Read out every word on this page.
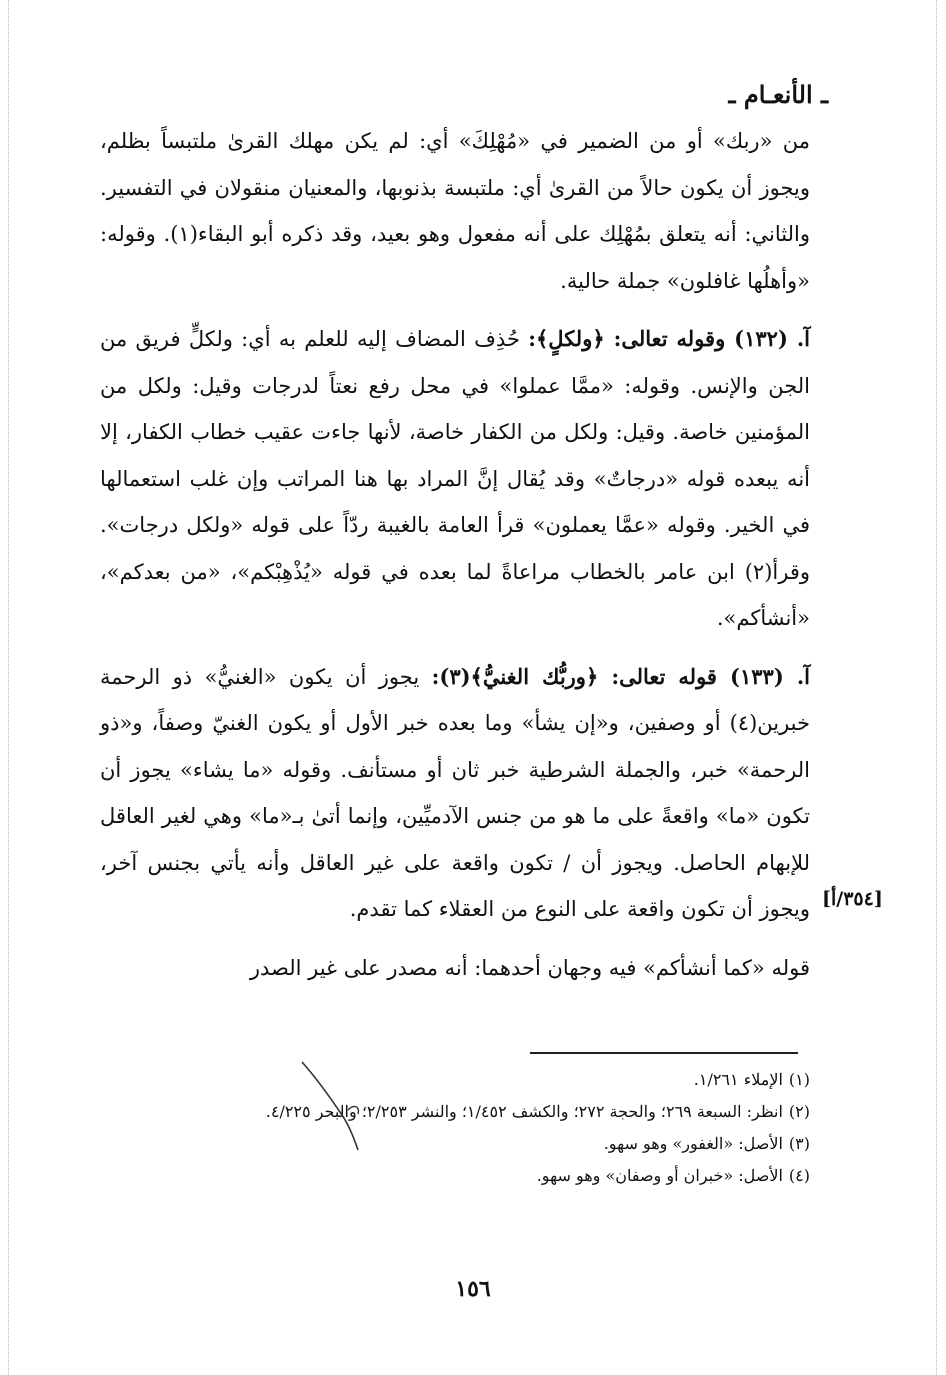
ـ الأنعـام ـ

من «ربك» أو من الضمير في «مُهْلِكَ» أي: لم يكن مهلك القرىٰ ملتبساً بظلم، ويجوز أن يكون حالاً من القرىٰ أي: ملتبسة بذنوبها، والمعنيان منقولان في التفسير. والثاني: أنه يتعلق بمُهْلِك على أنه مفعول وهو بعيد، وقد ذكره أبو البقاء(١). وقوله: «وأهلُها غافلون» جملة حالية.

آ. (١٣٢) وقوله تعالى: ﴿ولكلٍ﴾: حُذِف المضاف إليه للعلم به أي: ولكلٍّ فريق من الجن والإنس. وقوله: «ممَّا عملوا» في محل رفع نعتاً لدرجات وقيل: ولكل من المؤمنين خاصة. وقيل: ولكل من الكفار خاصة، لأنها جاءت عقيب خطاب الكفار، إلا أنه يبعده قوله «درجاتٌ» وقد يُقال إنَّ المراد بها هنا المراتب وإن غلب استعمالها في الخير. وقوله «عمَّا يعملون» قرأ العامة بالغيبة ردّاً على قوله «ولكل درجات». وقرأ(٢) ابن عامر بالخطاب مراعاةً لما بعده في قوله «يُذْهِبْكم»، «من بعدكم»، «أنشأكم».

آ. (١٣٣) قوله تعالى: ﴿وربُّك الغنيُّ﴾(٣): يجوز أن يكون «الغنيُّ» ذو الرحمة خبرين(٤) أو وصفين، و«إن يشأ» وما بعده خبر الأول أو يكون الغنيّ وصفاً، و«ذو الرحمة» خبر، والجملة الشرطية خبر ثان أو مستأنف. وقوله «ما يشاء» يجوز أن تكون «ما» واقعةً على ما هو من جنس الآدميِّين، وإنما أتىٰ بـ«ما» وهي لغير العاقل للإبهام الحاصل. ويجوز أن / تكون واقعة على غير العاقل وأنه يأتي بجنس آخر، ويجوز أن تكون واقعة على النوع من العقلاء كما تقدم.

قوله «كما أنشأكم» فيه وجهان أحدهما: أنه مصدر على غير الصدر

[٣٥٤/أ]

(١)الإملاء ١/٢٦١.

(٢)انظر: السبعة ٢٦٩؛ والحجة ٢٧٢؛ والكشف ١/٤٥٢؛ والنشر ٢/٢٥٣؛ والبحر ٤/٢٢٥.

(٣)الأصل: «الغفور» وهو سهو.

(٤)الأصل: «خبران أو وصفان» وهو سهو.

١٥٦
